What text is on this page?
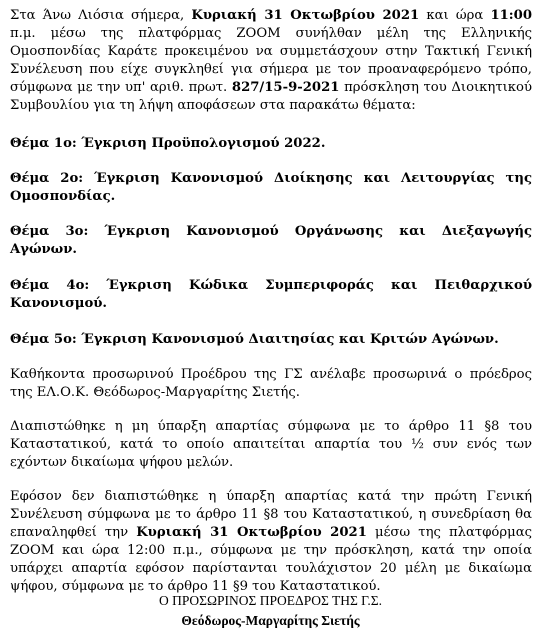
Στα Άνω Λιόσια σήμερα, Κυριακή 31 Οκτωβρίου 2021 και ώρα 11:00 π.μ. μέσω της πλατφόρμας ZOOM συνήλθαν μέλη της Ελληνικής Ομοσπονδίας Καράτε προκειμένου να συμμετάσχουν στην Τακτική Γενική Συνέλευση που είχε συγκληθεί για σήμερα με τον προαναφερόμενο τρόπο, σύμφωνα με την υπ' αριθ. πρωτ. 827/15-9-2021 πρόσκληση του Διοικητικού Συμβουλίου για τη λήψη αποφάσεων στα παρακάτω θέματα:

Θέμα 1ο: Έγκριση Προϋπολογισμού 2022.

Θέμα 2ο: Έγκριση Κανονισμού Διοίκησης και Λειτουργίας της Ομοσπονδίας.

Θέμα 3ο: Έγκριση Κανονισμού Οργάνωσης και Διεξαγωγής Αγώνων.

Θέμα 4ο: Έγκριση Κώδικα Συμπεριφοράς και Πειθαρχικού Κανονισμού.

Θέμα 5ο: Έγκριση Κανονισμού Διαιτησίας και Κριτών Αγώνων.

Καθήκοντα προσωρινού Προέδρου της ΓΣ ανέλαβε προσωρινά ο πρόεδρος της ΕΛ.Ο.Κ. Θεόδωρος-Μαργαρίτης Σιετής.

Διαπιστώθηκε η μη ύπαρξη απαρτίας σύμφωνα με το άρθρο 11 §8 του Καταστατικού, κατά το οποίο απαιτείται απαρτία του ½ συν ενός των εχόντων δικαίωμα ψήφου μελών.

Εφόσον δεν διαπιστώθηκε η ύπαρξη απαρτίας κατά την πρώτη Γενική Συνέλευση σύμφωνα με το άρθρο 11 §8 του Καταστατικού, η συνεδρίαση θα επαναληφθεί την Κυριακή 31 Οκτωβρίου 2021 μέσω της πλατφόρμας ZOOM και ώρα 12:00 π.μ., σύμφωνα με την πρόσκληση, κατά την οποία υπάρχει απαρτία εφόσον παρίστανται τουλάχιστον 20 μέλη με δικαίωμα ψήφου, σύμφωνα με το άρθρο 11 §9 του Καταστατικού.

Ο ΠΡΟΣΩΡΙΝΟΣ ΠΡΟΕΔΡΟΣ ΤΗΣ Γ.Σ.
Θεόδωρος-Μαργαρίτης Σιετής
